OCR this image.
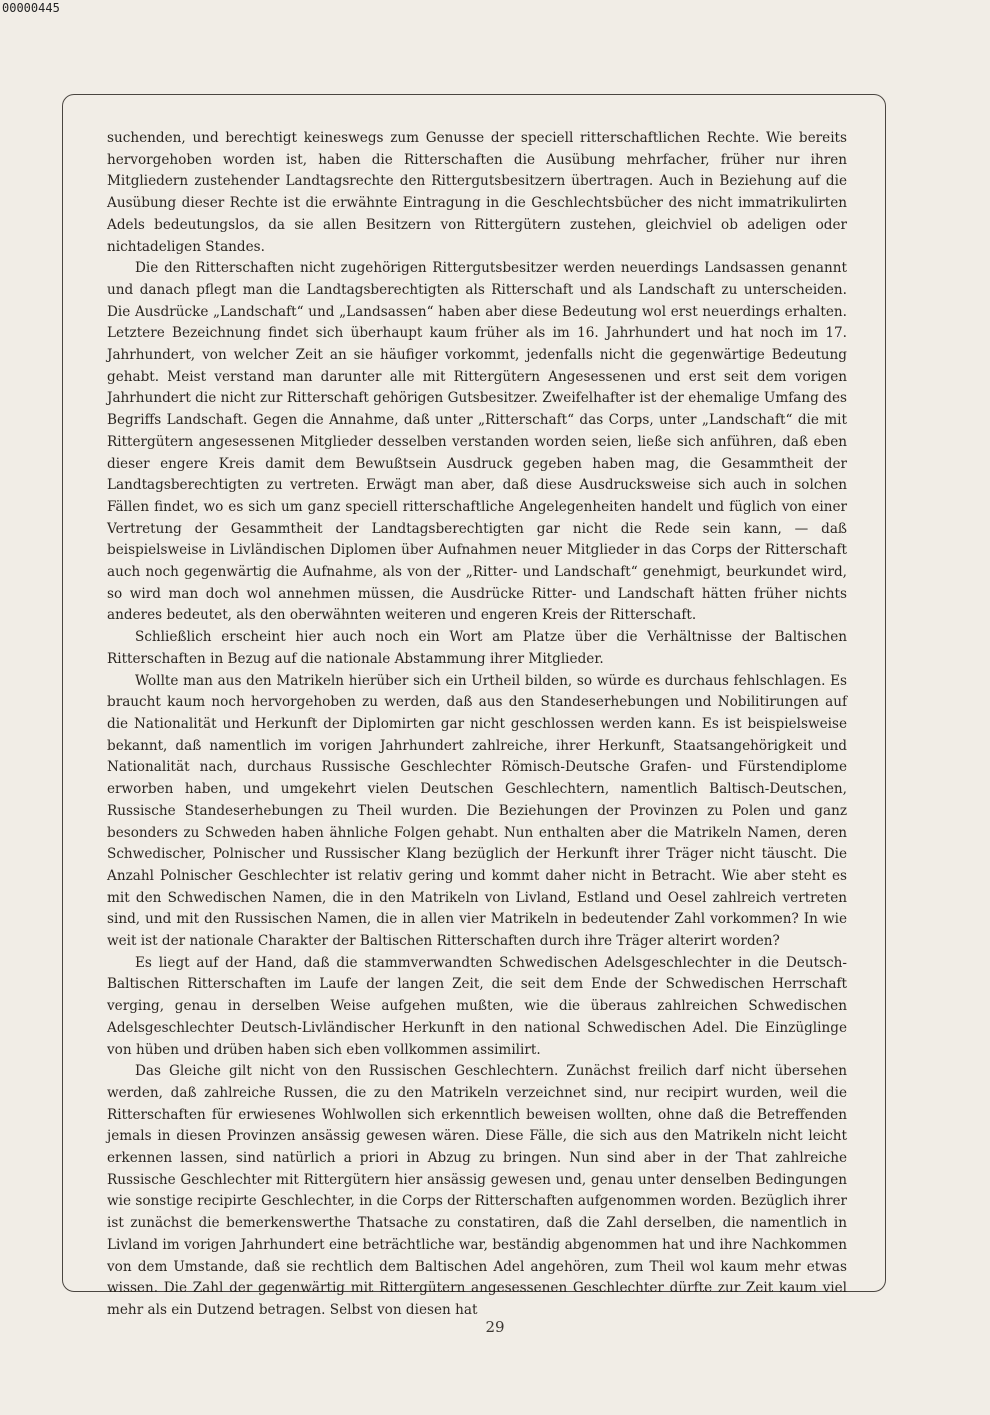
00000445

suchenden, und berechtigt keineswegs zum Genusse der speciell ritterschaftlichen Rechte. Wie bereits hervorgehoben worden ist, haben die Ritterschaften die Ausübung mehrfacher, früher nur ihren Mitgliedern zustehender Landtagsrechte den Rittergutsbesitzern übertragen. Auch in Beziehung auf die Ausübung dieser Rechte ist die erwähnte Eintragung in die Geschlechtsbücher des nicht immatrikulirten Adels bedeutungslos, da sie allen Besitzern von Rittergütern zustehen, gleichviel ob adeligen oder nichtadeligen Standes.

Die den Ritterschaften nicht zugehörigen Rittergutsbesitzer werden neuerdings Landsassen genannt und danach pflegt man die Landtagsberechtigten als Ritterschaft und als Landschaft zu unterscheiden. Die Ausdrücke „Landschaft“ und „Landsassen“ haben aber diese Bedeutung wol erst neuerdings erhalten. Letztere Bezeichnung findet sich überhaupt kaum früher als im 16. Jahrhundert und hat noch im 17. Jahrhundert, von welcher Zeit an sie häufiger vorkommt, jedenfalls nicht die gegenwärtige Bedeutung gehabt. Meist verstand man darunter alle mit Rittergütern Angesessenen und erst seit dem vorigen Jahrhundert die nicht zur Ritterschaft gehörigen Gutsbesitzer. Zweifelhafter ist der ehemalige Umfang des Begriffs Landschaft. Gegen die Annahme, daß unter „Ritterschaft“ das Corps, unter „Landschaft“ die mit Rittergütern angesessenen Mitglieder desselben verstanden worden seien, ließe sich anführen, daß eben dieser engere Kreis damit dem Bewußtsein Ausdruck gegeben haben mag, die Gesammtheit der Landtagsberechtigten zu vertreten. Erwägt man aber, daß diese Ausdrucksweise sich auch in solchen Fällen findet, wo es sich um ganz speciell ritterschaftliche Angelegenheiten handelt und füglich von einer Vertretung der Gesammtheit der Landtagsberechtigten gar nicht die Rede sein kann, — daß beispielsweise in Livländischen Diplomen über Aufnahmen neuer Mitglieder in das Corps der Ritterschaft auch noch gegenwärtig die Aufnahme, als von der „Ritter- und Landschaft“ genehmigt, beurkundet wird, so wird man doch wol annehmen müssen, die Ausdrücke Ritter- und Landschaft hätten früher nichts anderes bedeutet, als den oberwähnten weiteren und engeren Kreis der Ritterschaft.

Schließlich erscheint hier auch noch ein Wort am Platze über die Verhältnisse der Baltischen Ritterschaften in Bezug auf die nationale Abstammung ihrer Mitglieder.

Wollte man aus den Matrikeln hierüber sich ein Urtheil bilden, so würde es durchaus fehlschlagen. Es braucht kaum noch hervorgehoben zu werden, daß aus den Standeserhebungen und Nobilitirungen auf die Nationalität und Herkunft der Diplomirten gar nicht geschlossen werden kann. Es ist beispielsweise bekannt, daß namentlich im vorigen Jahrhundert zahlreiche, ihrer Herkunft, Staatsangehörigkeit und Nationalität nach, durchaus Russische Geschlechter Römisch-Deutsche Grafen- und Fürstendiplome erworben haben, und umgekehrt vielen Deutschen Geschlechtern, namentlich Baltisch-Deutschen, Russische Standeserhebungen zu Theil wurden. Die Beziehungen der Provinzen zu Polen und ganz besonders zu Schweden haben ähnliche Folgen gehabt. Nun enthalten aber die Matrikeln Namen, deren Schwedischer, Polnischer und Russischer Klang bezüglich der Herkunft ihrer Träger nicht täuscht. Die Anzahl Polnischer Geschlechter ist relativ gering und kommt daher nicht in Betracht. Wie aber steht es mit den Schwedischen Namen, die in den Matrikeln von Livland, Estland und Oesel zahlreich vertreten sind, und mit den Russischen Namen, die in allen vier Matrikeln in bedeutender Zahl vorkommen? In wie weit ist der nationale Charakter der Baltischen Ritterschaften durch ihre Träger alterirt worden?

Es liegt auf der Hand, daß die stammverwandten Schwedischen Adelsgeschlechter in die Deutsch-Baltischen Ritterschaften im Laufe der langen Zeit, die seit dem Ende der Schwedischen Herrschaft verging, genau in derselben Weise aufgehen mußten, wie die überaus zahlreichen Schwedischen Adelsgeschlechter Deutsch-Livländischer Herkunft in den national Schwedischen Adel. Die Einzüglinge von hüben und drüben haben sich eben vollkommen assimilirt.

Das Gleiche gilt nicht von den Russischen Geschlechtern. Zunächst freilich darf nicht übersehen werden, daß zahlreiche Russen, die zu den Matrikeln verzeichnet sind, nur recipirt wurden, weil die Ritterschaften für erwiesenes Wohlwollen sich erkenntlich beweisen wollten, ohne daß die Betreffenden jemals in diesen Provinzen ansässig gewesen wären. Diese Fälle, die sich aus den Matrikeln nicht leicht erkennen lassen, sind natürlich a priori in Abzug zu bringen. Nun sind aber in der That zahlreiche Russische Geschlechter mit Rittergütern hier ansässig gewesen und, genau unter denselben Bedingungen wie sonstige recipirte Geschlechter, in die Corps der Ritterschaften aufgenommen worden. Bezüglich ihrer ist zunächst die bemerkenswerthe Thatsache zu constatiren, daß die Zahl derselben, die namentlich in Livland im vorigen Jahrhundert eine beträchtliche war, beständig abgenommen hat und ihre Nachkommen von dem Umstande, daß sie rechtlich dem Baltischen Adel angehören, zum Theil wol kaum mehr etwas wissen. Die Zahl der gegenwärtig mit Rittergütern angesessenen Geschlechter dürfte zur Zeit kaum viel mehr als ein Dutzend betragen. Selbst von diesen hat

29
